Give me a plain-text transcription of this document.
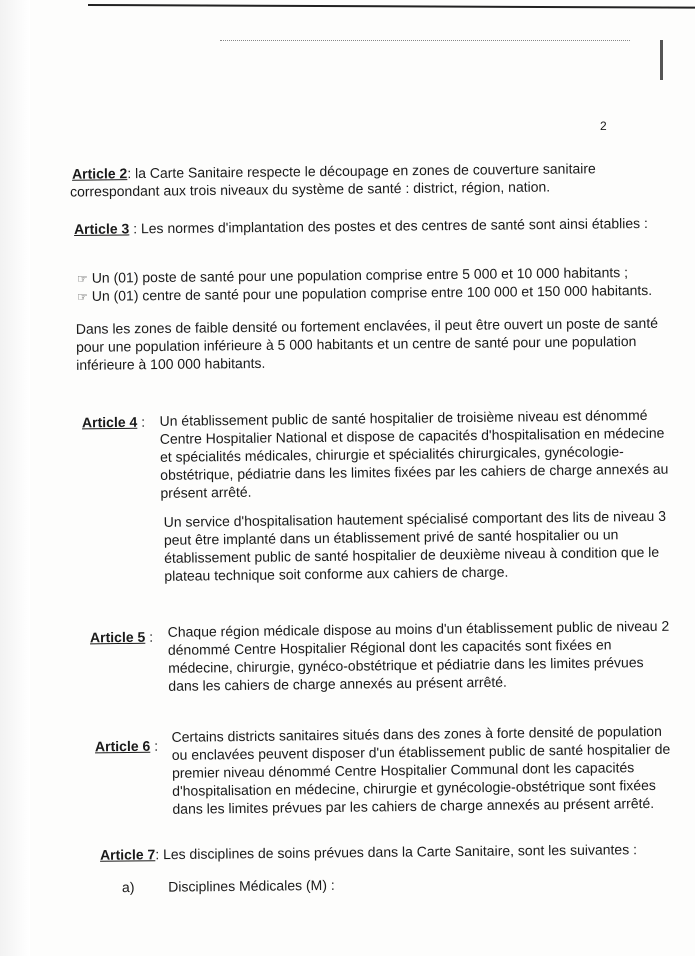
2
Article 2: la Carte Sanitaire respecte le découpage en zones de couverture sanitaire
correspondant aux trois niveaux du système de santé : district, région, nation.
Article 3 : Les normes d'implantation des postes et des centres de santé sont ainsi établies :
☞ Un (01) poste de santé pour une population comprise entre 5 000 et 10 000 habitants ;
☞ Un (01) centre de santé pour une population comprise entre 100 000 et 150 000 habitants.
Dans les zones de faible densité ou fortement enclavées, il peut être ouvert un poste de santé
pour une population inférieure à 5 000 habitants et un centre de santé pour une population
inférieure à 100 000 habitants.
Article 4 : Un établissement public de santé hospitalier de troisième niveau est dénommé
Centre Hospitalier National et dispose de capacités d'hospitalisation en médecine
et spécialités médicales, chirurgie et spécialités chirurgicales, gynécologie-
obstétrique, pédiatrie dans les limites fixées par les cahiers de charge annexés au
présent arrêté.
Un service d'hospitalisation hautement spécialisé comportant des lits de niveau 3
peut être implanté dans un établissement privé de santé hospitalier ou un
établissement public de santé hospitalier de deuxième niveau à condition que le
plateau technique soit conforme aux cahiers de charge.
Article 5 : Chaque région médicale dispose au moins d'un établissement public de niveau 2
dénommé Centre Hospitalier Régional dont les capacités sont fixées en
médecine, chirurgie, gynéco-obstétrique et pédiatrie dans les limites prévues
dans les cahiers de charge annexés au présent arrêté.
Article 6 :
Certains districts sanitaires situés dans des zones à forte densité de population
ou enclavées peuvent disposer d'un établissement public de santé hospitalier de
premier niveau dénommé Centre Hospitalier Communal dont les capacités
d'hospitalisation en médecine, chirurgie et gynécologie-obstétrique sont fixées
dans les limites prévues par les cahiers de charge annexés au présent arrêté.
Article 7: Les disciplines de soins prévues dans la Carte Sanitaire, sont les suivantes :
a) Disciplines Médicales (M) :
